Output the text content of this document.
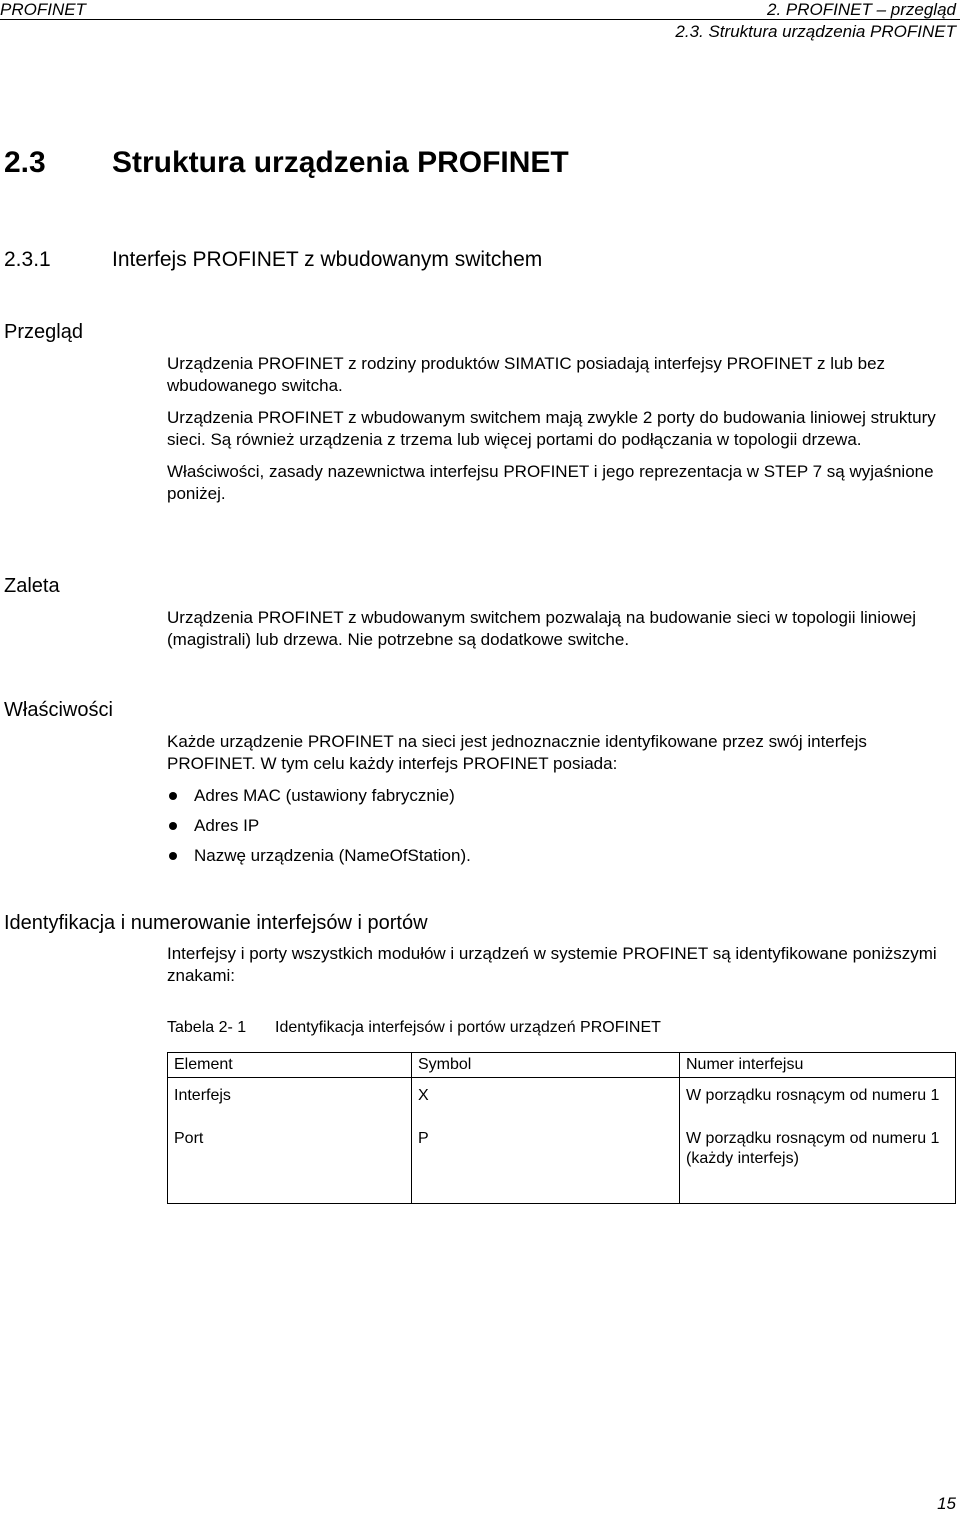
PROFINET	2. PROFINET – przegląd
2.3. Struktura urządzenia PROFINET
2.3 Struktura urządzenia PROFINET
2.3.1	Interfejs PROFINET z wbudowanym switchem
Przegląd

Urządzenia PROFINET z rodziny produktów SIMATIC posiadają interfejsy PROFINET z lub bez wbudowanego switcha.

Urządzenia PROFINET z wbudowanym switchem mają zwykle 2 porty do budowania liniowej struktury sieci. Są również urządzenia z trzema lub więcej portami do podłączania w topologii drzewa.

Właściwości, zasady nazewnictwa interfejsu PROFINET i jego reprezentacja w STEP 7 są wyjaśnione poniżej.

Zaleta

Urządzenia PROFINET z wbudowanym switchem pozwalają na budowanie sieci w topologii liniowej (magistrali) lub drzewa. Nie potrzebne są dodatkowe switche.

Właściwości

Każde urządzenie PROFINET na sieci jest jednoznacznie identyfikowane przez swój interfejs PROFINET. W tym celu każdy interfejs PROFINET posiada:

Adres MAC (ustawiony fabrycznie)
Adres IP
Nazwę urządzenia (NameOfStation).
Identyfikacja i numerowanie interfejsów i portów

Interfejsy i porty wszystkich modułów i urządzeń w systemie PROFINET są identyfikowane poniższymi znakami:

Tabela 2- 1 Identyfikacja interfejsów i portów urządzeń PROFINET
Element	Symbol	Numer interfejsu
Interfejs	X	W porządku rosnącym od numeru 1
Port	P	W porządku rosnącym od numeru 1 (każdy interfejs)
15
